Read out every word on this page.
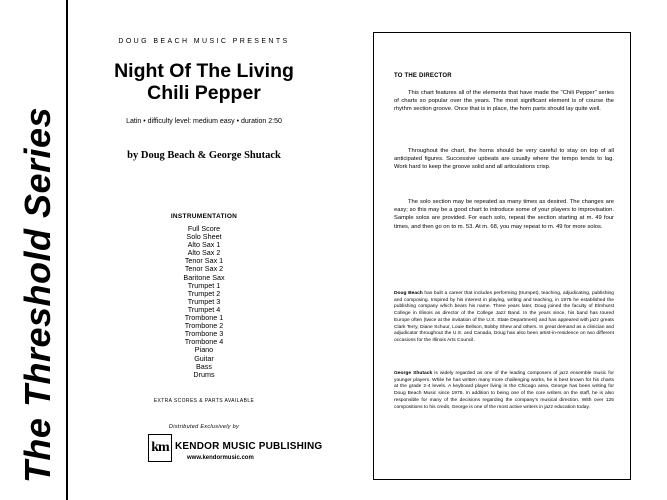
The Threshold Series
DOUG BEACH MUSIC PRESENTS
Night Of The Living
Chili Pepper
Latin • difficulty level: medium easy • duration 2:50
by Doug Beach & George Shutack
INSTRUMENTATION
Full Score
Solo Sheet
Alto Sax 1
Alto Sax 2
Tenor Sax 1
Tenor Sax 2
Baritone Sax
Trumpet 1
Trumpet 2
Trumpet 3
Trumpet 4
Trombone 1
Trombone 2
Trombone 3
Trombone 4
Piano
Guitar
Bass
Drums
EXTRA SCORES & PARTS AVAILABLE
Distributed Exclusively by
km KENDOR MUSIC PUBLISHING
www.kendormusic.com
TO THE DIRECTOR
This chart features all of the elements that have made the "Chili Pepper" series of charts so popular over the years. The most significant element is of course the rhythm section groove. Once that is in place, the horn parts should lay quite well.
Throughout the chart, the horns should be very careful to stay on top of all anticipated figures. Successive upbeats are usually where the tempo tends to lag. Work hard to keep the groove solid and all articulations crisp.
The solo section may be repeated as many times as desired. The changes are easy; so this may be a good chart to introduce some of your players to improvisation. Sample solos are provided. For each solo, repeat the section starting at m. 49 four times, and then go on to m. 53. At m. 68, you may repeat to m. 49 for more solos.
Doug Beach has built a career that includes performing (trumpet), teaching, adjudicating, publishing and composing. Inspired by his interest in playing, writing and teaching, in 1975 he established the publishing company which bears his name. Three years later, Doug joined the faculty of Elmhurst College in Illinois as director of the College Jazz Band. In the years since, his band has toured Europe often (twice at the invitation of the U.S. State Department) and has appeared with jazz greats Clark Terry, Diane Schuur, Louie Bellson, Bobby Shew and others. In great demand as a clinician and adjudicator throughout the U.S. and Canada, Doug has also been artist-in-residence on two different occasions for the Illinois Arts Council.
George Shutack is widely regarded as one of the leading composers of jazz ensemble music for younger players. While he has written many more challenging works, he is best known for his charts at the grade 2-4 levels. A keyboard player living in the Chicago area, George has been writing for Doug Beach Music since 1978. In addition to being one of the core writers on the staff, he is also responsible for many of the decisions regarding the company's musical direction. With over 125 compositions to his credit, George is one of the most active writers in jazz education today.
